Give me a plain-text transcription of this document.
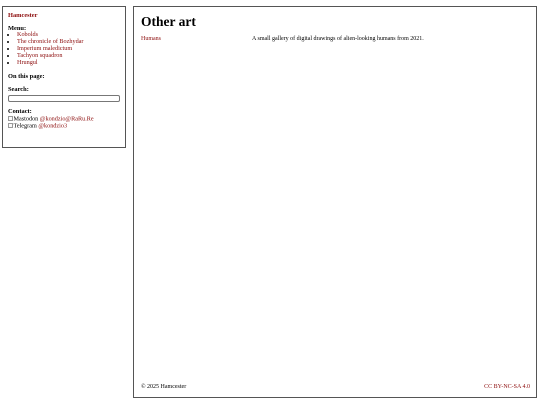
Hamcester
Menu:
• Kobolds
• The chronicle of Bozhydar
• Imperium maledictum
• Tachyon squadron
• Hrungul
On this page:
Search:
Contact:
Mastodon @kondzio@RaRu.Re
Telegram @kondzio3
Other art
Humans	A small gallery of digital drawings of alien-looking humans from 2021.
© 2025 Hamcester	CC BY-NC-SA 4.0
